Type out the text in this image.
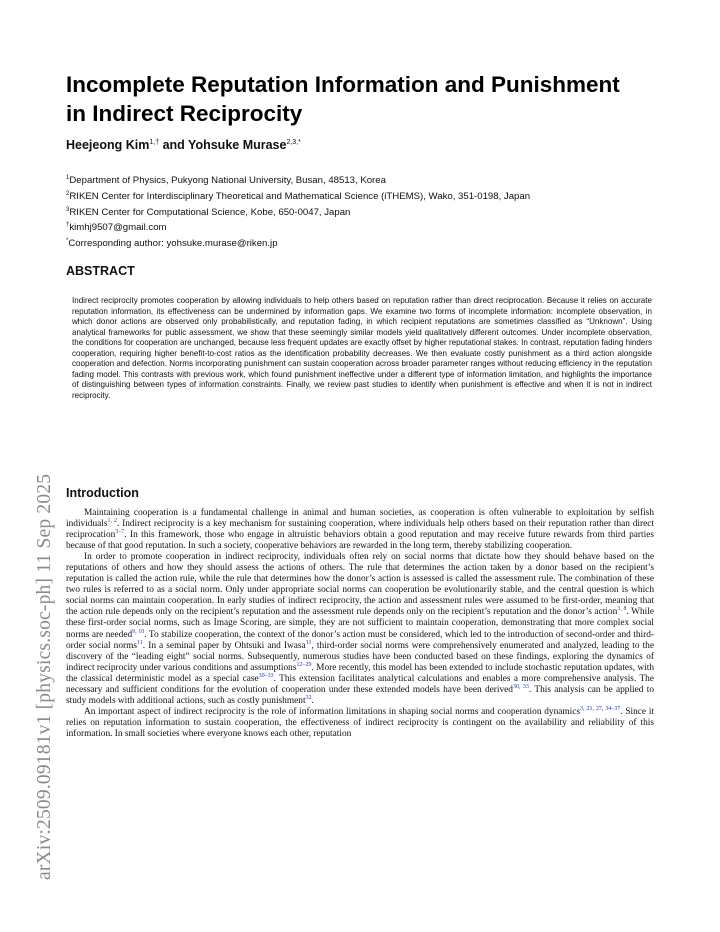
arXiv:2509.09181v1 [physics.soc-ph] 11 Sep 2025
Incomplete Reputation Information and Punishment
in Indirect Reciprocity
Heejeong Kim$^{1,\dagger}$ and Yohsuke Murase$^{2,3,*}$
$^1$Department of Physics, Pukyong National University, Busan, 48513, Korea
$^2$RIKEN Center for Interdisciplinary Theoretical and Mathematical Science (iTHEMS), Wako, 351-0198, Japan
$^3$RIKEN Center for Computational Science, Kobe, 650-0047, Japan
†kimhj9507@gmail.com
*Corresponding author: yohsuke.murase@riken.jp
ABSTRACT

Indirect reciprocity promotes cooperation by allowing individuals to help others based on reputation rather than direct reciprocation. Because it relies on accurate reputation information, its effectiveness can be undermined by information gaps. We examine two forms of incomplete information: incomplete observation, in which donor actions are observed only probabilistically, and reputation fading, in which recipient reputations are sometimes classified as “Unknown”. Using analytical frameworks for public assessment, we show that these seemingly similar models yield qualitatively different outcomes. Under incomplete observation, the conditions for cooperation are unchanged, because less frequent updates are exactly offset by higher reputational stakes. In contrast, reputation fading hinders cooperation, requiring higher benefit-to-cost ratios as the identification probability decreases. We then evaluate costly punishment as a third action alongside cooperation and defection. Norms incorporating punishment can sustain cooperation across broader parameter ranges without reducing efficiency in the reputation fading model. This contrasts with previous work, which found punishment ineffective under a different type of information limitation, and highlights the importance of distinguishing between types of information constraints. Finally, we review past studies to identify when punishment is effective and when it is not in indirect reciprocity.

Introduction

Maintaining cooperation is a fundamental challenge in animal and human societies, as cooperation is often vulnerable to exploitation by selfish individuals$^{1, 2}$. Indirect reciprocity is a key mechanism for sustaining cooperation, where individuals help others based on their reputation rather than direct reciprocation$^{3-7}$. In this framework, those who engage in altruistic behaviors obtain a good reputation and may receive future rewards from third parties because of that good reputation. In such a society, cooperative behaviors are rewarded in the long term, thereby stabilizing cooperation.

In order to promote cooperation in indirect reciprocity, individuals often rely on social norms that dictate how they should behave based on the reputations of others and how they should assess the actions of others. The rule that determines the action taken by a donor based on the recipient’s reputation is called the action rule, while the rule that determines how the donor’s action is assessed is called the assessment rule. The combination of these two rules is referred to as a social norm. Only under appropriate social norms can cooperation be evolutionarily stable, and the central question is which social norms can maintain cooperation. In early studies of indirect reciprocity, the action and assessment rules were assumed to be first-order, meaning that the action rule depends only on the recipient’s reputation and the assessment rule depends only on the recipient’s reputation and the donor’s action$^{3, 8}$. While these first-order social norms, such as Image Scoring, are simple, they are not sufficient to maintain cooperation, demonstrating that more complex social norms are needed$^{9, 10}$. To stabilize cooperation, the context of the donor’s action must be considered, which led to the introduction of second-order and third-order social norms$^{11}$. In a seminal paper by Ohtsuki and Iwasa$^{11}$, third-order social norms were comprehensively enumerated and analyzed, leading to the discovery of the “leading eight” social norms. Subsequently, numerous studies have been conducted based on these findings, exploring the dynamics of indirect reciprocity under various conditions and assumptions$^{12-29}$. More recently, this model has been extended to include stochastic reputation updates, with the classical deterministic model as a special case$^{30-33}$. This extension facilitates analytical calculations and enables a more comprehensive analysis. The necessary and sufficient conditions for the evolution of cooperation under these extended models have been derived$^{30, 33}$. This analysis can be applied to study models with additional actions, such as costly punishment$^{32}$.

An important aspect of indirect reciprocity is the role of information limitations in shaping social norms and cooperation dynamics$^{3, 21, 27, 34-37}$. Since it relies on reputation information to sustain cooperation, the effectiveness of indirect reciprocity is contingent on the availability and reliability of this information. In small societies where everyone knows each other, reputation
